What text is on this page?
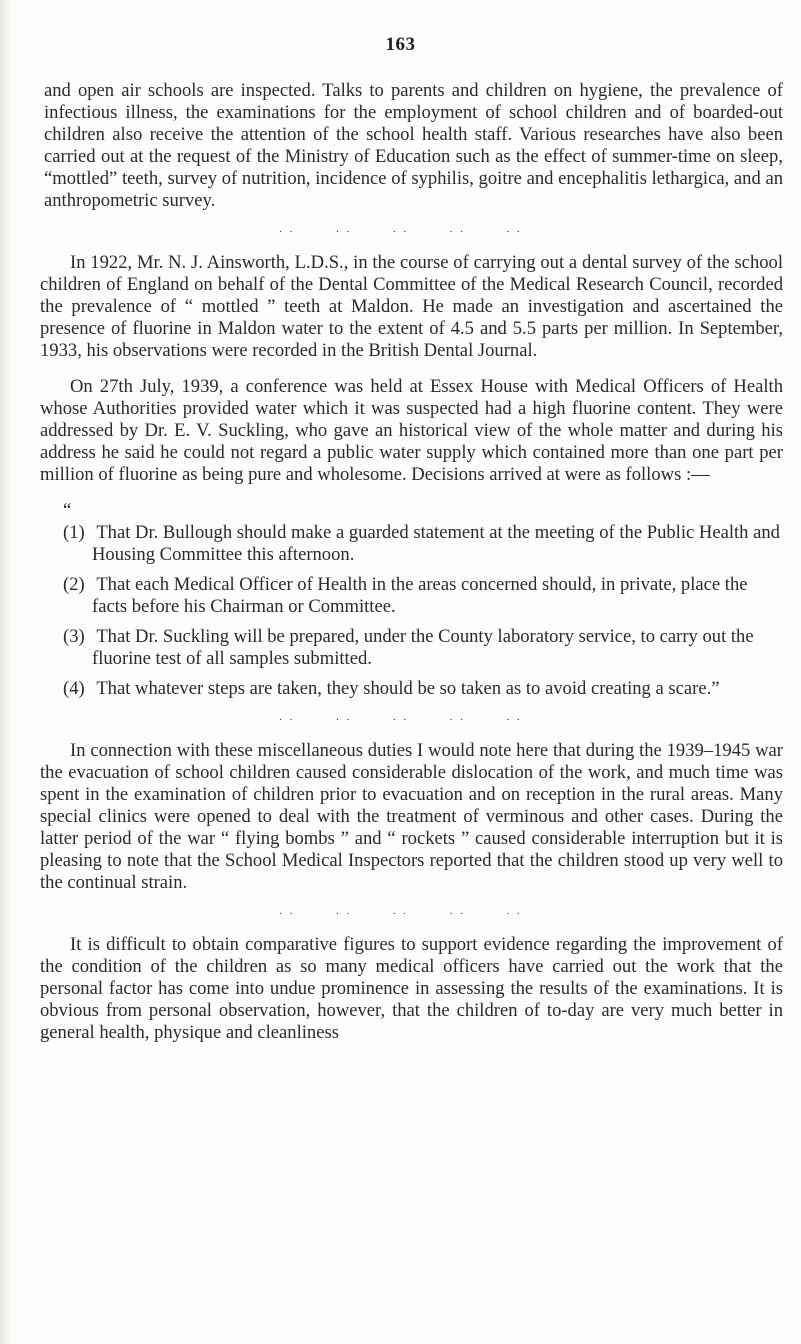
163

and open air schools are inspected. Talks to parents and children on hygiene, the prevalence of infectious illness, the examinations for the employment of school children and of boarded-out children also receive the attention of the school health staff. Various researches have also been carried out at the request of the Ministry of Education such as the effect of summer-time on sleep, “mottled” teeth, survey of nutrition, incidence of syphilis, goitre and encephalitis lethargica, and an anthropometric survey.

· ·	· ·	· ·	· ·	· ·

In 1922, Mr. N. J. Ainsworth, L.D.S., in the course of carrying out a dental survey of the school children of England on behalf of the Dental Committee of the Medical Research Council, recorded the prevalence of “ mottled ” teeth at Maldon. He made an investigation and ascertained the presence of fluorine in Maldon water to the extent of 4.5 and 5.5 parts per million. In September, 1933, his observations were recorded in the British Dental Journal.

On 27th July, 1939, a conference was held at Essex House with Medical Officers of Health whose Authorities provided water which it was suspected had a high fluorine content. They were addressed by Dr. E. V. Suckling, who gave an historical view of the whole matter and during his address he said he could not regard a public water supply which contained more than one part per million of fluorine as being pure and wholesome. Decisions arrived at were as follows :—

“ (1) That Dr. Bullough should make a guarded statement at the meeting of the Public Health and Housing Committee this afternoon.
(2) That each Medical Officer of Health in the areas concerned should, in private, place the facts before his Chairman or Committee.
(3) That Dr. Suckling will be prepared, under the County laboratory service, to carry out the fluorine test of all samples submitted.
(4) That whatever steps are taken, they should be so taken as to avoid creating a scare.”
· ·	· ·	· ·	· ·	· ·

In connection with these miscellaneous duties I would note here that during the 1939–1945 war the evacuation of school children caused considerable dislocation of the work, and much time was spent in the examination of children prior to evacuation and on reception in the rural areas. Many special clinics were opened to deal with the treatment of verminous and other cases. During the latter period of the war “ flying bombs ” and “ rockets ” caused considerable interruption but it is pleasing to note that the School Medical Inspectors reported that the children stood up very well to the continual strain.

· ·	· ·	· ·	· ·	· ·

It is difficult to obtain comparative figures to support evidence regarding the improvement of the condition of the children as so many medical officers have carried out the work that the personal factor has come into undue prominence in assessing the results of the examinations. It is obvious from personal observation, however, that the children of to-day are very much better in general health, physique and cleanliness
